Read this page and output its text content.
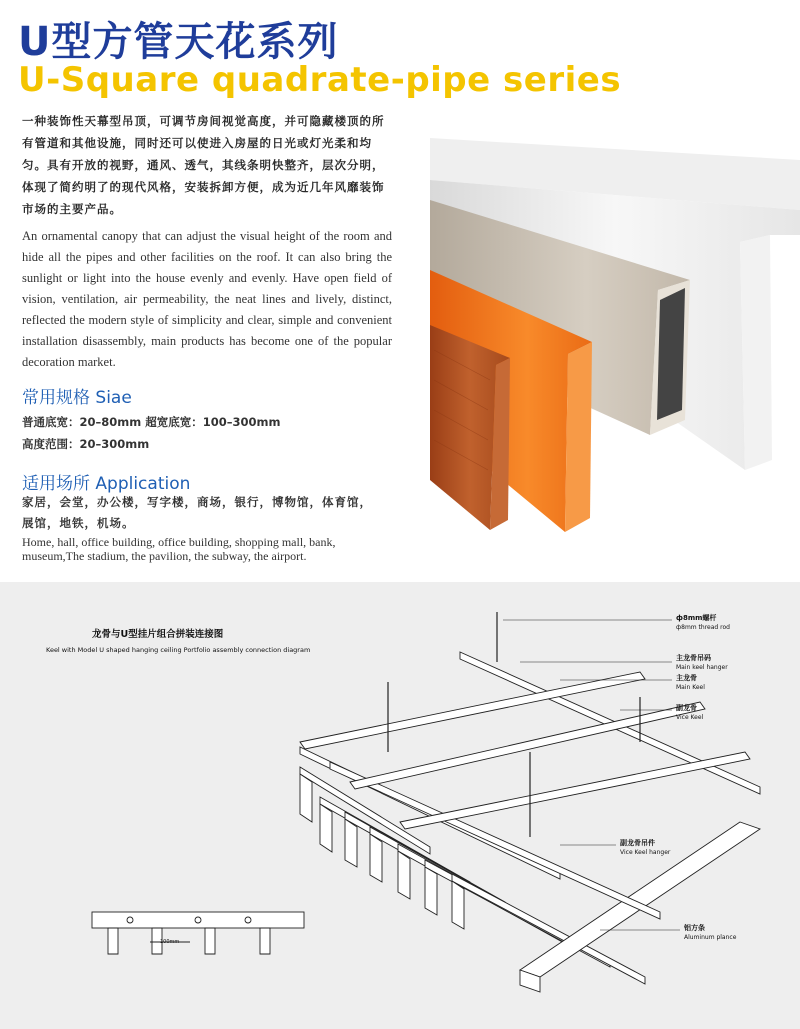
U型方管天花系列
U-Square quadrate-pipe series
一种装饰性天幕型吊顶，可调节房间视觉高度，并可隐藏楼顶的所有管道和其他设施，同时还可以使进入房屋的日光或灯光柔和均匀。具有开放的视野，通风、透气，其线条明快整齐，层次分明，体现了简约明了的现代风格，安装拆卸方便，成为近几年风靡装饰市场的主要产品。
An ornamental canopy that can adjust the visual height of the room and hide all the pipes and other facilities on the roof. It can also bring the sunlight or light into the house evenly and evenly. Have open field of vision, ventilation, air permeability, the neat lines and lively, distinct, reflected the modern style of simplicity and clear, simple and convenient installation disassembly, main products has become one of the popular decoration market.
常用规格 Siae
普通底宽：20–80mm 超宽底宽：100–300mm
高度范围：20–300mm
适用场所 Application
家居，会堂，办公楼，写字楼，商场，银行，博物馆，体育馆，展馆，地铁，机场。
Home, hall, office building, office building, shopping mall, bank, museum,The stadium, the pavilion, the subway, the airport.
龙骨与U型挂片组合拼装连接图
Keel with Model U shaped hanging ceiling Portfolio assembly connection diagram
ф8mm螺杆
ф8mm thread rod
主龙骨吊码
Main keel hanger
主龙骨
Main Keel
副龙骨
Vice Keel
副龙骨吊件
Vice Keel hanger
铝方条
Aluminum plance
100mm
